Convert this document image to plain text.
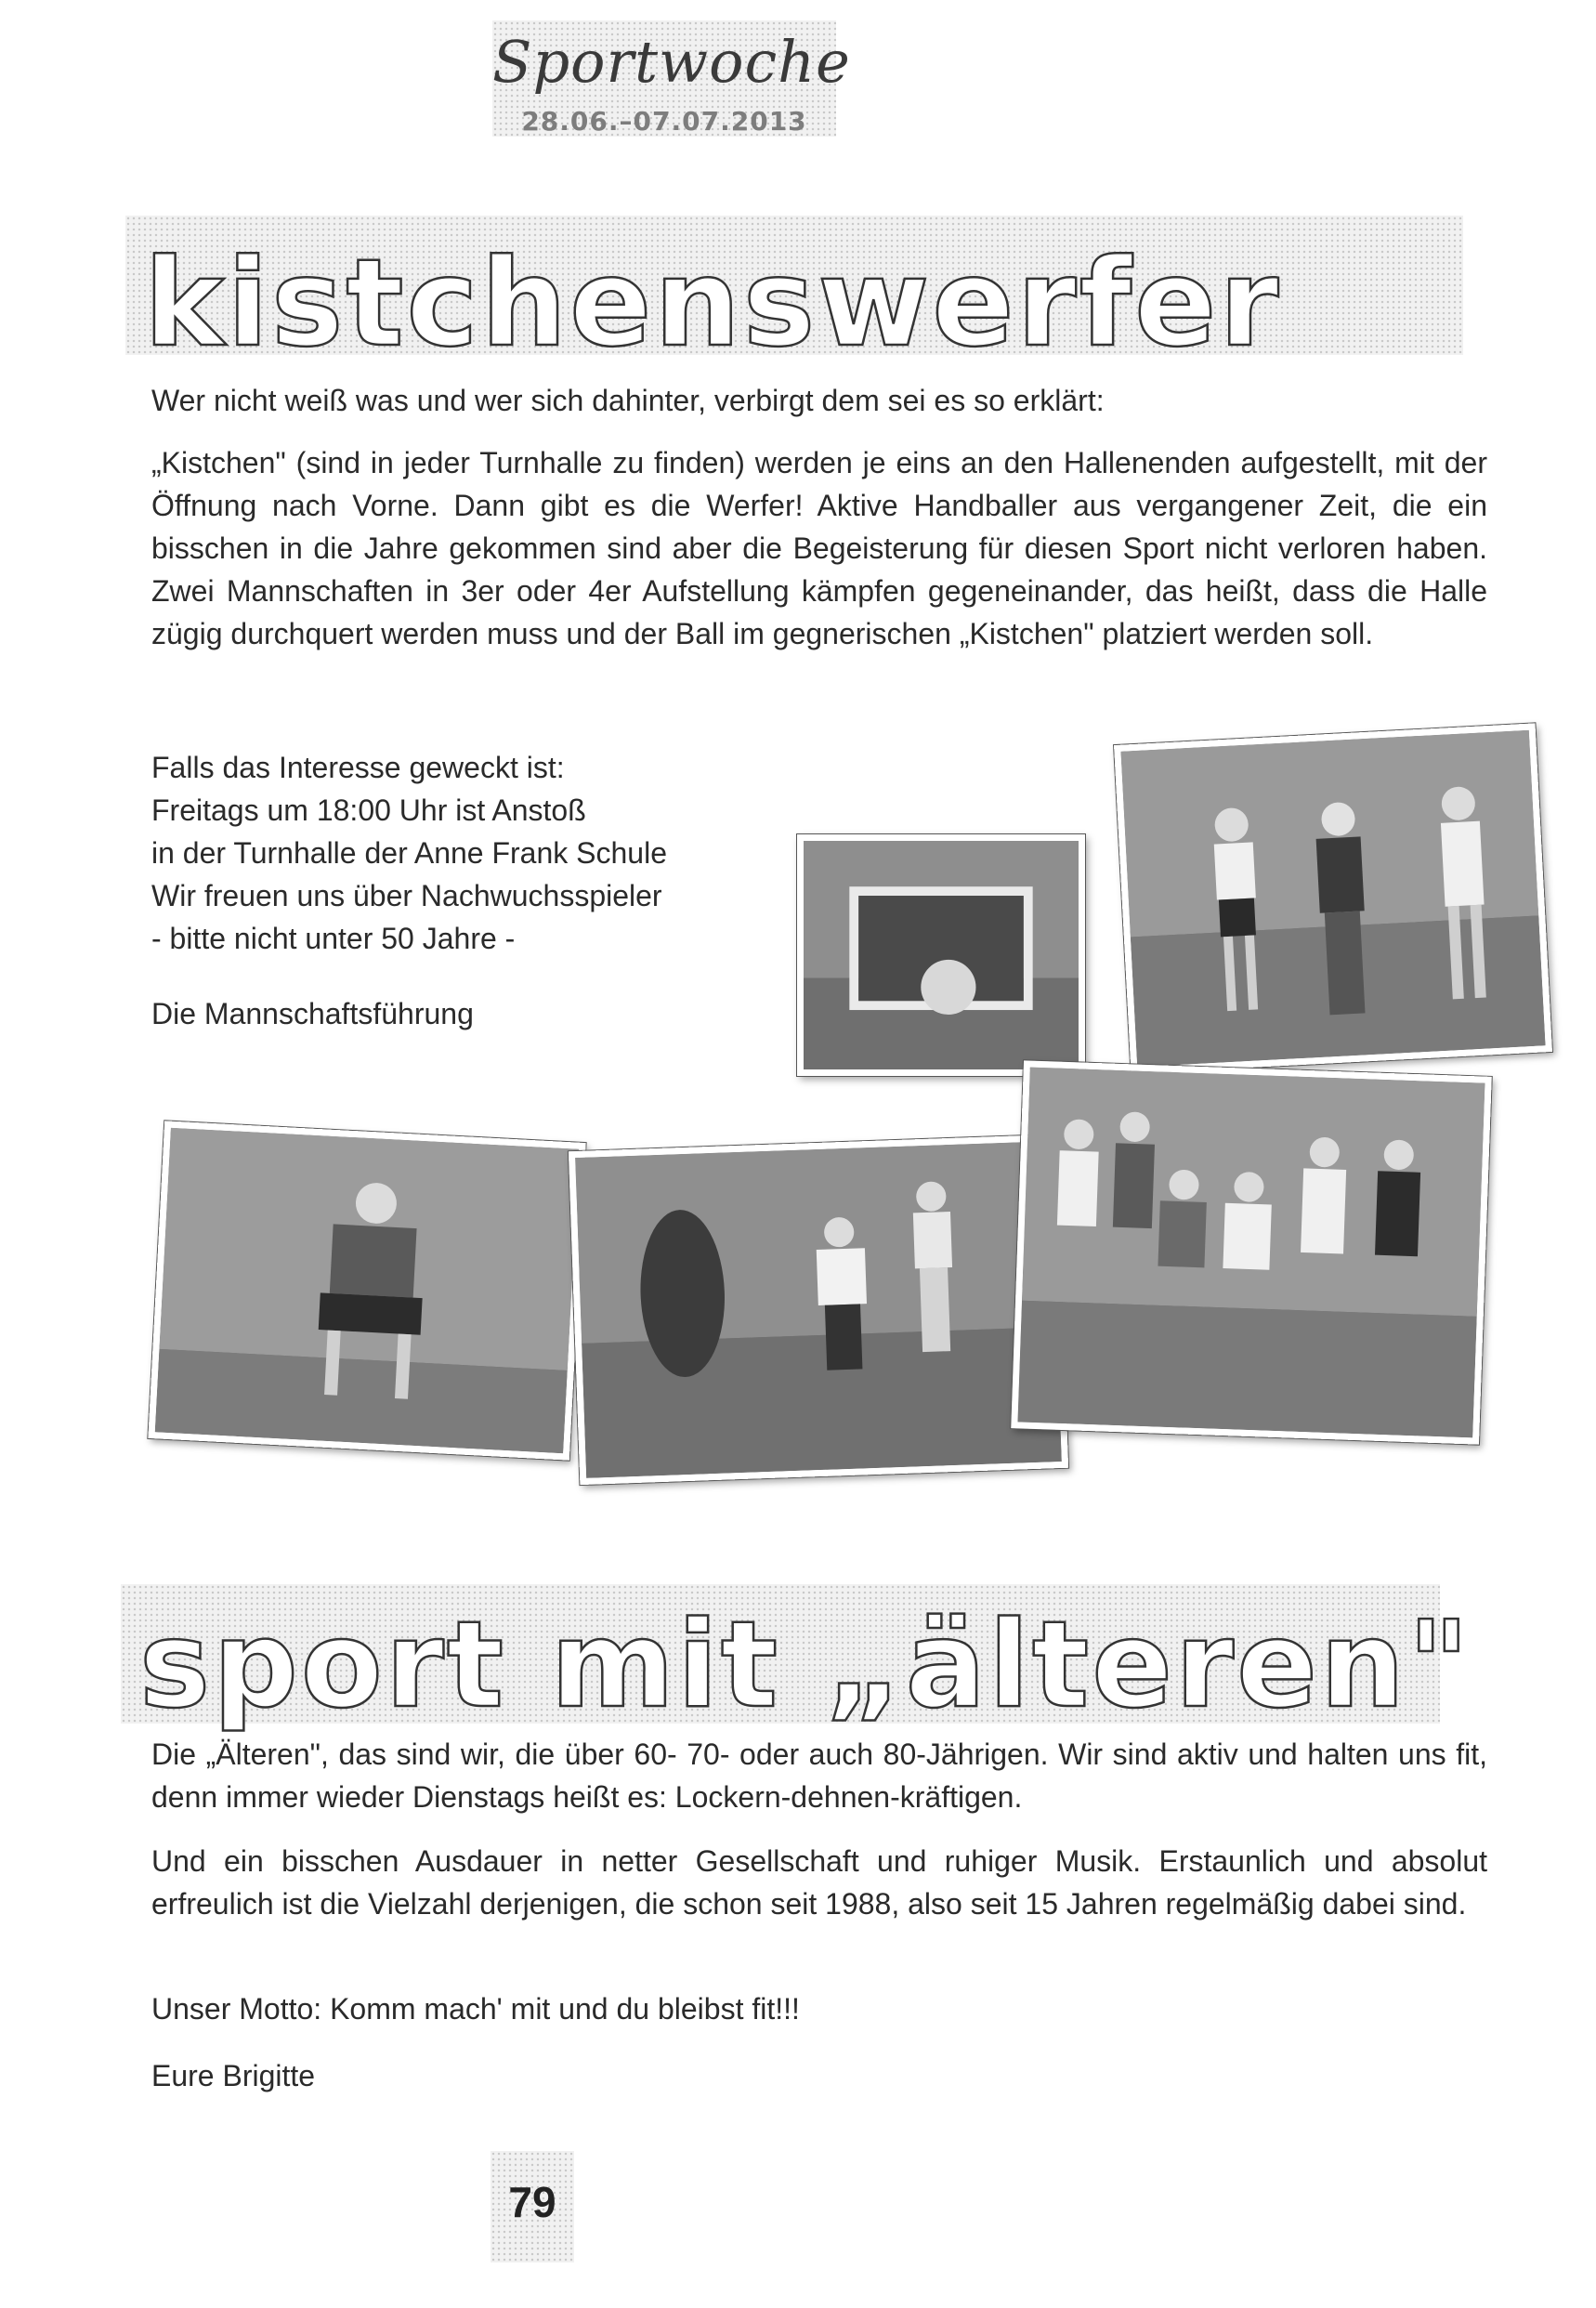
Sportwoche
28.06.–07.07.2013
kistchenswerfer
Wer nicht weiß was und wer sich dahinter, verbirgt dem sei es so erklärt:
„Kistchen" (sind in jeder Turnhalle zu finden) werden je eins an den Hallenenden aufgestellt, mit der Öffnung nach Vorne. Dann gibt es die Werfer! Aktive Handballer aus vergangener Zeit, die ein bisschen in die Jahre gekommen sind aber die Begeisterung für diesen Sport nicht verloren haben. Zwei Mannschaften in 3er oder 4er Aufstellung kämpfen gegeneinander, das heißt, dass die Halle zügig durchquert werden muss und der Ball im gegnerischen „Kistchen" platziert werden soll.
Falls das Interesse geweckt ist:
Freitags um 18:00 Uhr ist Anstoß
in der Turnhalle der Anne Frank Schule
Wir freuen uns über Nachwuchsspieler
- bitte nicht unter 50 Jahre -
Die Mannschaftsführung
sport mit „älteren"
Die „Älteren", das sind wir, die über 60- 70- oder auch 80-Jährigen. Wir sind aktiv und halten uns fit, denn immer wieder Dienstags heißt es: Lockern-dehnen-kräftigen.
Und ein bisschen Ausdauer in netter Gesellschaft und ruhiger Musik. Erstaunlich und absolut erfreulich ist die Vielzahl derjenigen, die schon seit 1988, also seit 15 Jahren regelmäßig dabei sind.
Unser Motto: Komm mach' mit und du bleibst fit!!!
Eure Brigitte
79
